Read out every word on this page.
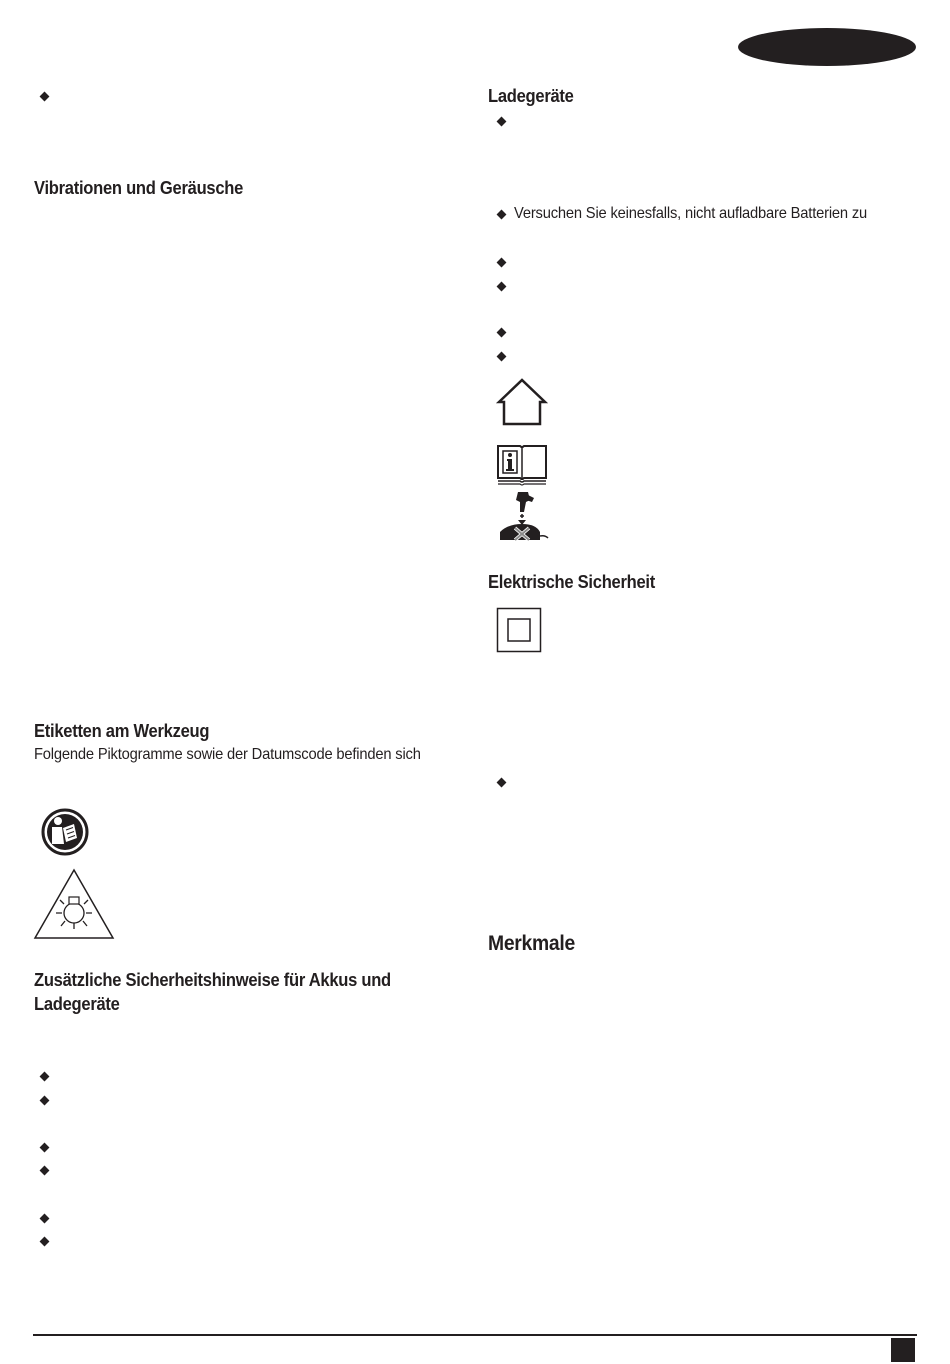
Vibrationen und Geräusche
Etiketten am Werkzeug
Folgende Piktogramme sowie der Datumscode befinden sich
Zusätzliche Sicherheitshinweise für Akkus und
Ladegeräte
Ladegeräte
Versuchen Sie keinesfalls, nicht aufladbare Batterien zu
Elektrische Sicherheit
Merkmale
